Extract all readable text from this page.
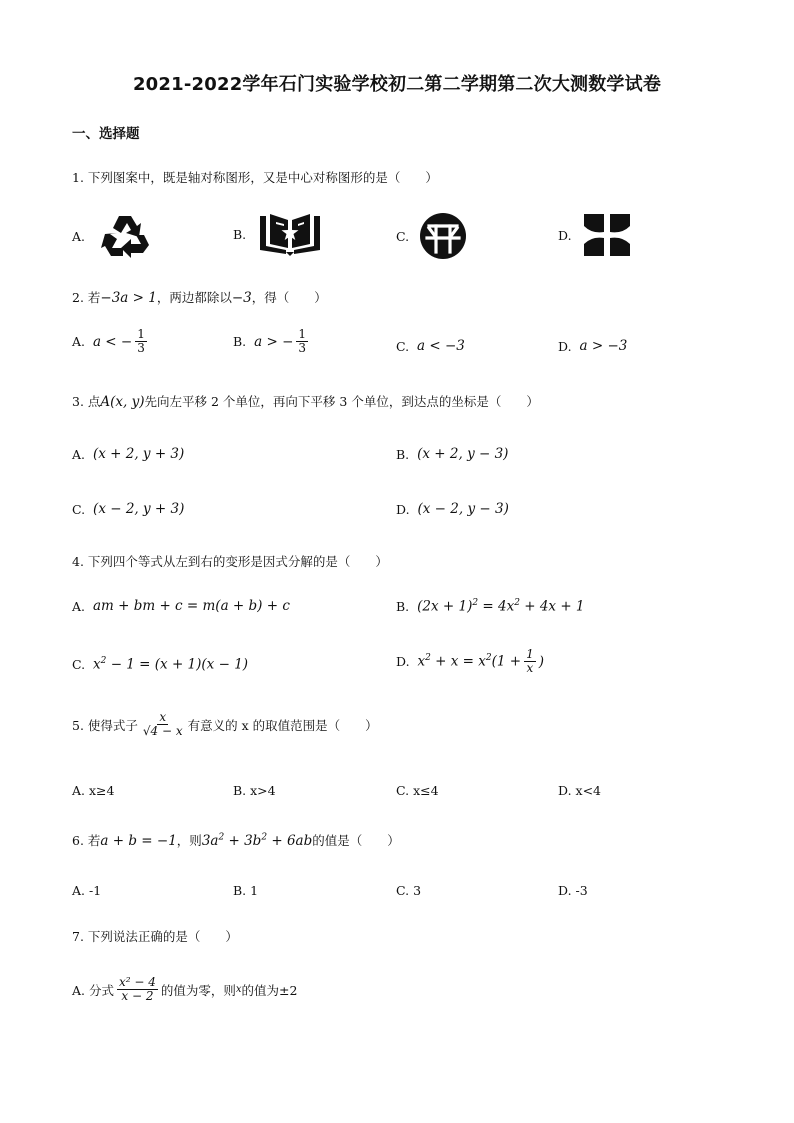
2021-2022学年石门实验学校初二第二学期第二次大测数学试卷
一、选择题
1. 下列图案中，既是轴对称图形，又是中心对称图形的是（　　）
A.	B.	C.	D.
2. 若−3a > 1，两边都除以−3，得（　　）
A.
a < − $\frac{1}{3}$	B.
a > − $\frac{1}{3}$	C.
a < −3	D.
a > −3
3. 点A(x, y)先向左平移 2 个单位，再向下平移 3 个单位，到达点的坐标是（　　）
A.
(x + 2, y + 3)	B.
(x + 2, y − 3)
C.
(x − 2, y + 3)	D.
(x − 2, y − 3)
4. 下列四个等式从左到右的变形是因式分解的是（　　）
A.
am + bm + c = m(a + b) + c	B.
$(2x + 1)^2 = 4x^2 + 4x + 1$
C.
$x^2 - 1 = (x + 1)(x - 1)$	D.
$x^2 + x = x^2(1 + \frac{1}{x}$ )
5. 使得式子 $\frac{x}{√4 - x}$ 有意义的 x 的取值范围是（　　）
A. x≥4	B. x>4	C. x≤4	D. x<4
6. 若a + b = −1，则$3a^2 + 3b^2 + 6ab$的值是（　　）
A. -1	B. 1	C. 3	D. -3
7. 下列说法正确的是（　　）
A. 分式 $\frac{\text{x² − 4}}{x - 2}$ 的值为零，则 x 的值为±2
